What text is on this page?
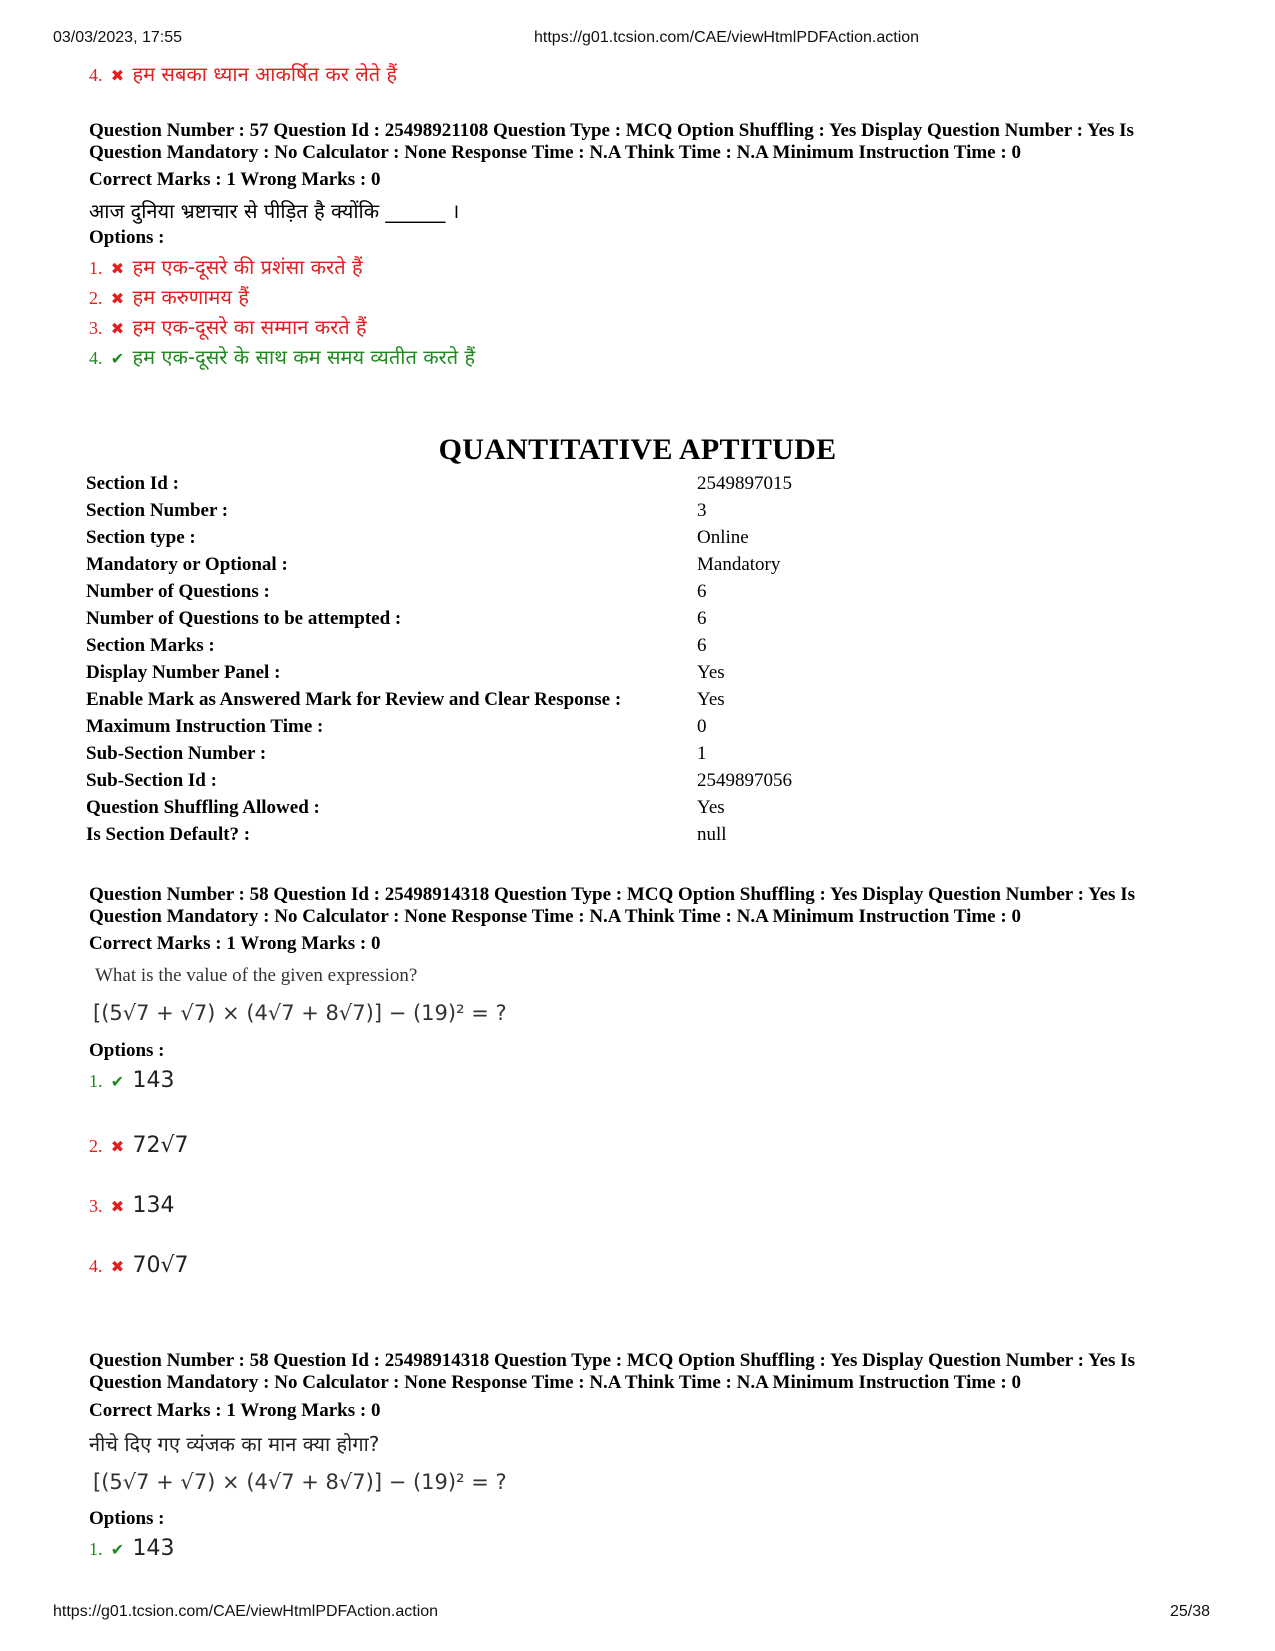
03/03/2023, 17:55	https://g01.tcsion.com/CAE/viewHtmlPDFAction.action
4. ✖ हम सबका ध्यान आकर्षित कर लेते हैं
Question Number : 57 Question Id : 25498921108 Question Type : MCQ Option Shuffling : Yes Display Question Number : Yes Is
Question Mandatory : No Calculator : None Response Time : N.A Think Time : N.A Minimum Instruction Time : 0
Correct Marks : 1 Wrong Marks : 0
आज दुनिया भ्रष्टाचार से पीड़ित है क्योंकि ______ ।
Options :
1. ✖ हम एक-दूसरे की प्रशंसा करते हैं
2. ✖ हम करुणामय हैं
3. ✖ हम एक-दूसरे का सम्मान करते हैं
4. ✔ हम एक-दूसरे के साथ कम समय व्यतीत करते हैं
QUANTITATIVE APTITUDE
Section Id :	2549897015
Section Number :	3
Section type :	Online
Mandatory or Optional :	Mandatory
Number of Questions :	6
Number of Questions to be attempted :	6
Section Marks :	6
Display Number Panel :	Yes
Enable Mark as Answered Mark for Review and Clear Response :	Yes
Maximum Instruction Time :	0
Sub-Section Number :	1
Sub-Section Id :	2549897056
Question Shuffling Allowed :	Yes
Is Section Default? :	null
Question Number : 58 Question Id : 25498914318 Question Type : MCQ Option Shuffling : Yes Display Question Number : Yes Is
Question Mandatory : No Calculator : None Response Time : N.A Think Time : N.A Minimum Instruction Time : 0
Correct Marks : 1 Wrong Marks : 0
What is the value of the given expression?
[(5√7 + √7) × (4√7 + 8√7)] − (19)² = ?
Options :
1. ✔ 143
2. ✖ 72√7
3. ✖ 134
4. ✖ 70√7
Question Number : 58 Question Id : 25498914318 Question Type : MCQ Option Shuffling : Yes Display Question Number : Yes Is
Question Mandatory : No Calculator : None Response Time : N.A Think Time : N.A Minimum Instruction Time : 0
Correct Marks : 1 Wrong Marks : 0
नीचे दिए गए व्यंजक का मान क्या होगा?
[(5√7 + √7) × (4√7 + 8√7)] − (19)² = ?
Options :
1. ✔ 143
https://g01.tcsion.com/CAE/viewHtmlPDFAction.action	25/38
